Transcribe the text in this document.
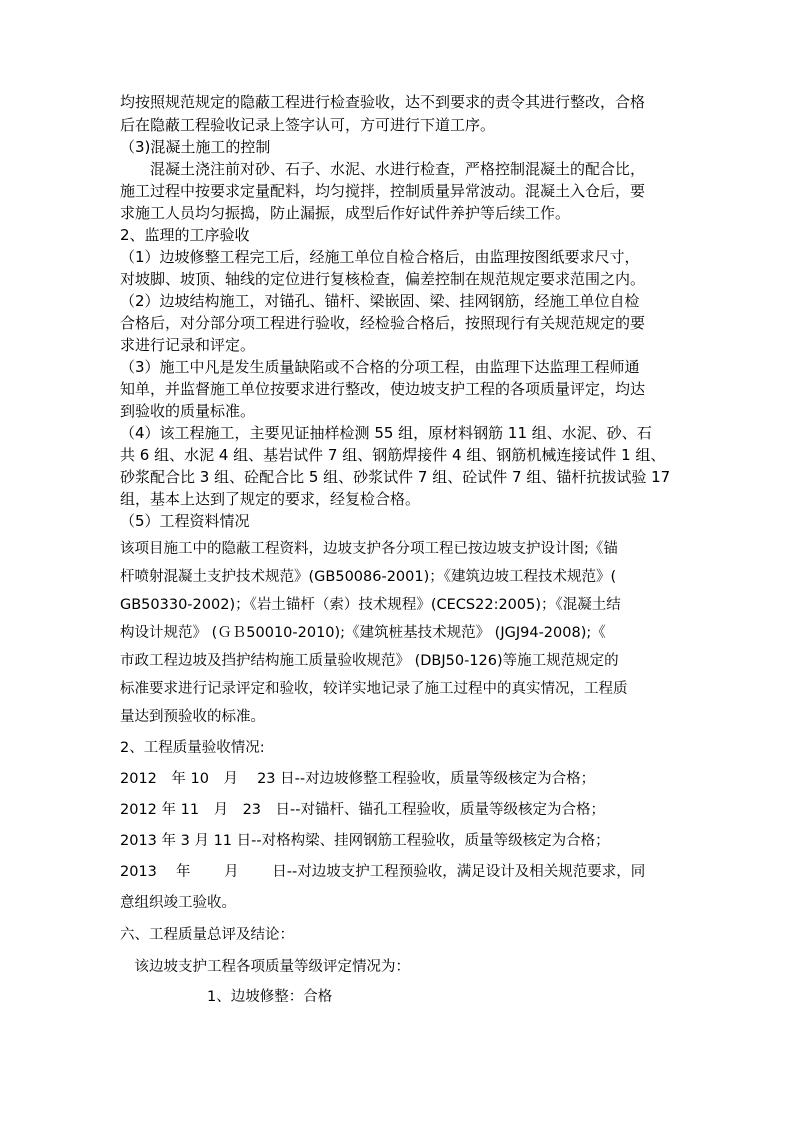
均按照规范规定的隐蔽工程进行检查验收，达不到要求的责令其进行整改，合格
后在隐蔽工程验收记录上签字认可，方可进行下道工序。
（3)混凝土施工的控制
　　混凝土浇注前对砂、石子、水泥、水进行检查，严格控制混凝土的配合比，
施工过程中按要求定量配料，均匀搅拌，控制质量异常波动。混凝土入仓后，要
求施工人员均匀振捣，防止漏振，成型后作好试件养护等后续工作。
2、监理的工序验收
（1）边坡修整工程完工后，经施工单位自检合格后，由监理按图纸要求尺寸，
对坡脚、坡顶、轴线的定位进行复核检查，偏差控制在规范规定要求范围之内。
（2）边坡结构施工，对锚孔、锚杆、梁嵌固、梁、挂网钢筋，经施工单位自检
合格后，对分部分项工程进行验收，经检验合格后，按照现行有关规范规定的要
求进行记录和评定。
（3）施工中凡是发生质量缺陷或不合格的分项工程，由监理下达监理工程师通
知单，并监督施工单位按要求进行整改，使边坡支护工程的各项质量评定，均达
到验收的质量标准。
（4）该工程施工，主要见证抽样检测 55 组，原材料钢筋 11 组、水泥、砂、石
共 6 组、水泥 4 组、基岩试件 7 组、钢筋焊接件 4 组、钢筋机械连接试件 1 组、
砂浆配合比 3 组、砼配合比 5 组、砂浆试件 7 组、砼试件 7 组、锚杆抗拔试验 17
组，基本上达到了规定的要求，经复检合格。
（5）工程资料情况
该项目施工中的隐蔽工程资料，边坡支护各分项工程已按边坡支护设计图;《锚
杆喷射混凝土支护技术规范》(GB50086-2001)；《建筑边坡工程技术规范》(
GB50330-2002)；《岩土锚杆（索）技术规程》(CECS22:2005)；《混凝土结
构设计规范》 (ＧＢ50010-2010);《建筑桩基技术规范》 (JGJ94-2008);《
市政工程边坡及挡护结构施工质量验收规范》 (DBJ50-126)等施工规范规定的
标准要求进行记录评定和验收，较详实地记录了施工过程中的真实情况，工程质
量达到预验收的标准。
2、工程质量验收情况:
2012　年 10　月　 23 日--对边坡修整工程验收，质量等级核定为合格；
2012 年 11　月　23　日--对锚杆、锚孔工程验收，质量等级核定为合格；
2013 年 3 月 11 日--对格构梁、挂网钢筋工程验收，质量等级核定为合格；
2013　 年　　 月　　 日--对边坡支护工程预验收，满足设计及相关规范要求，同
意组织竣工验收。
六、工程质量总评及结论：
　该边坡支护工程各项质量等级评定情况为：
　　　　　　1、边坡修整：合格
